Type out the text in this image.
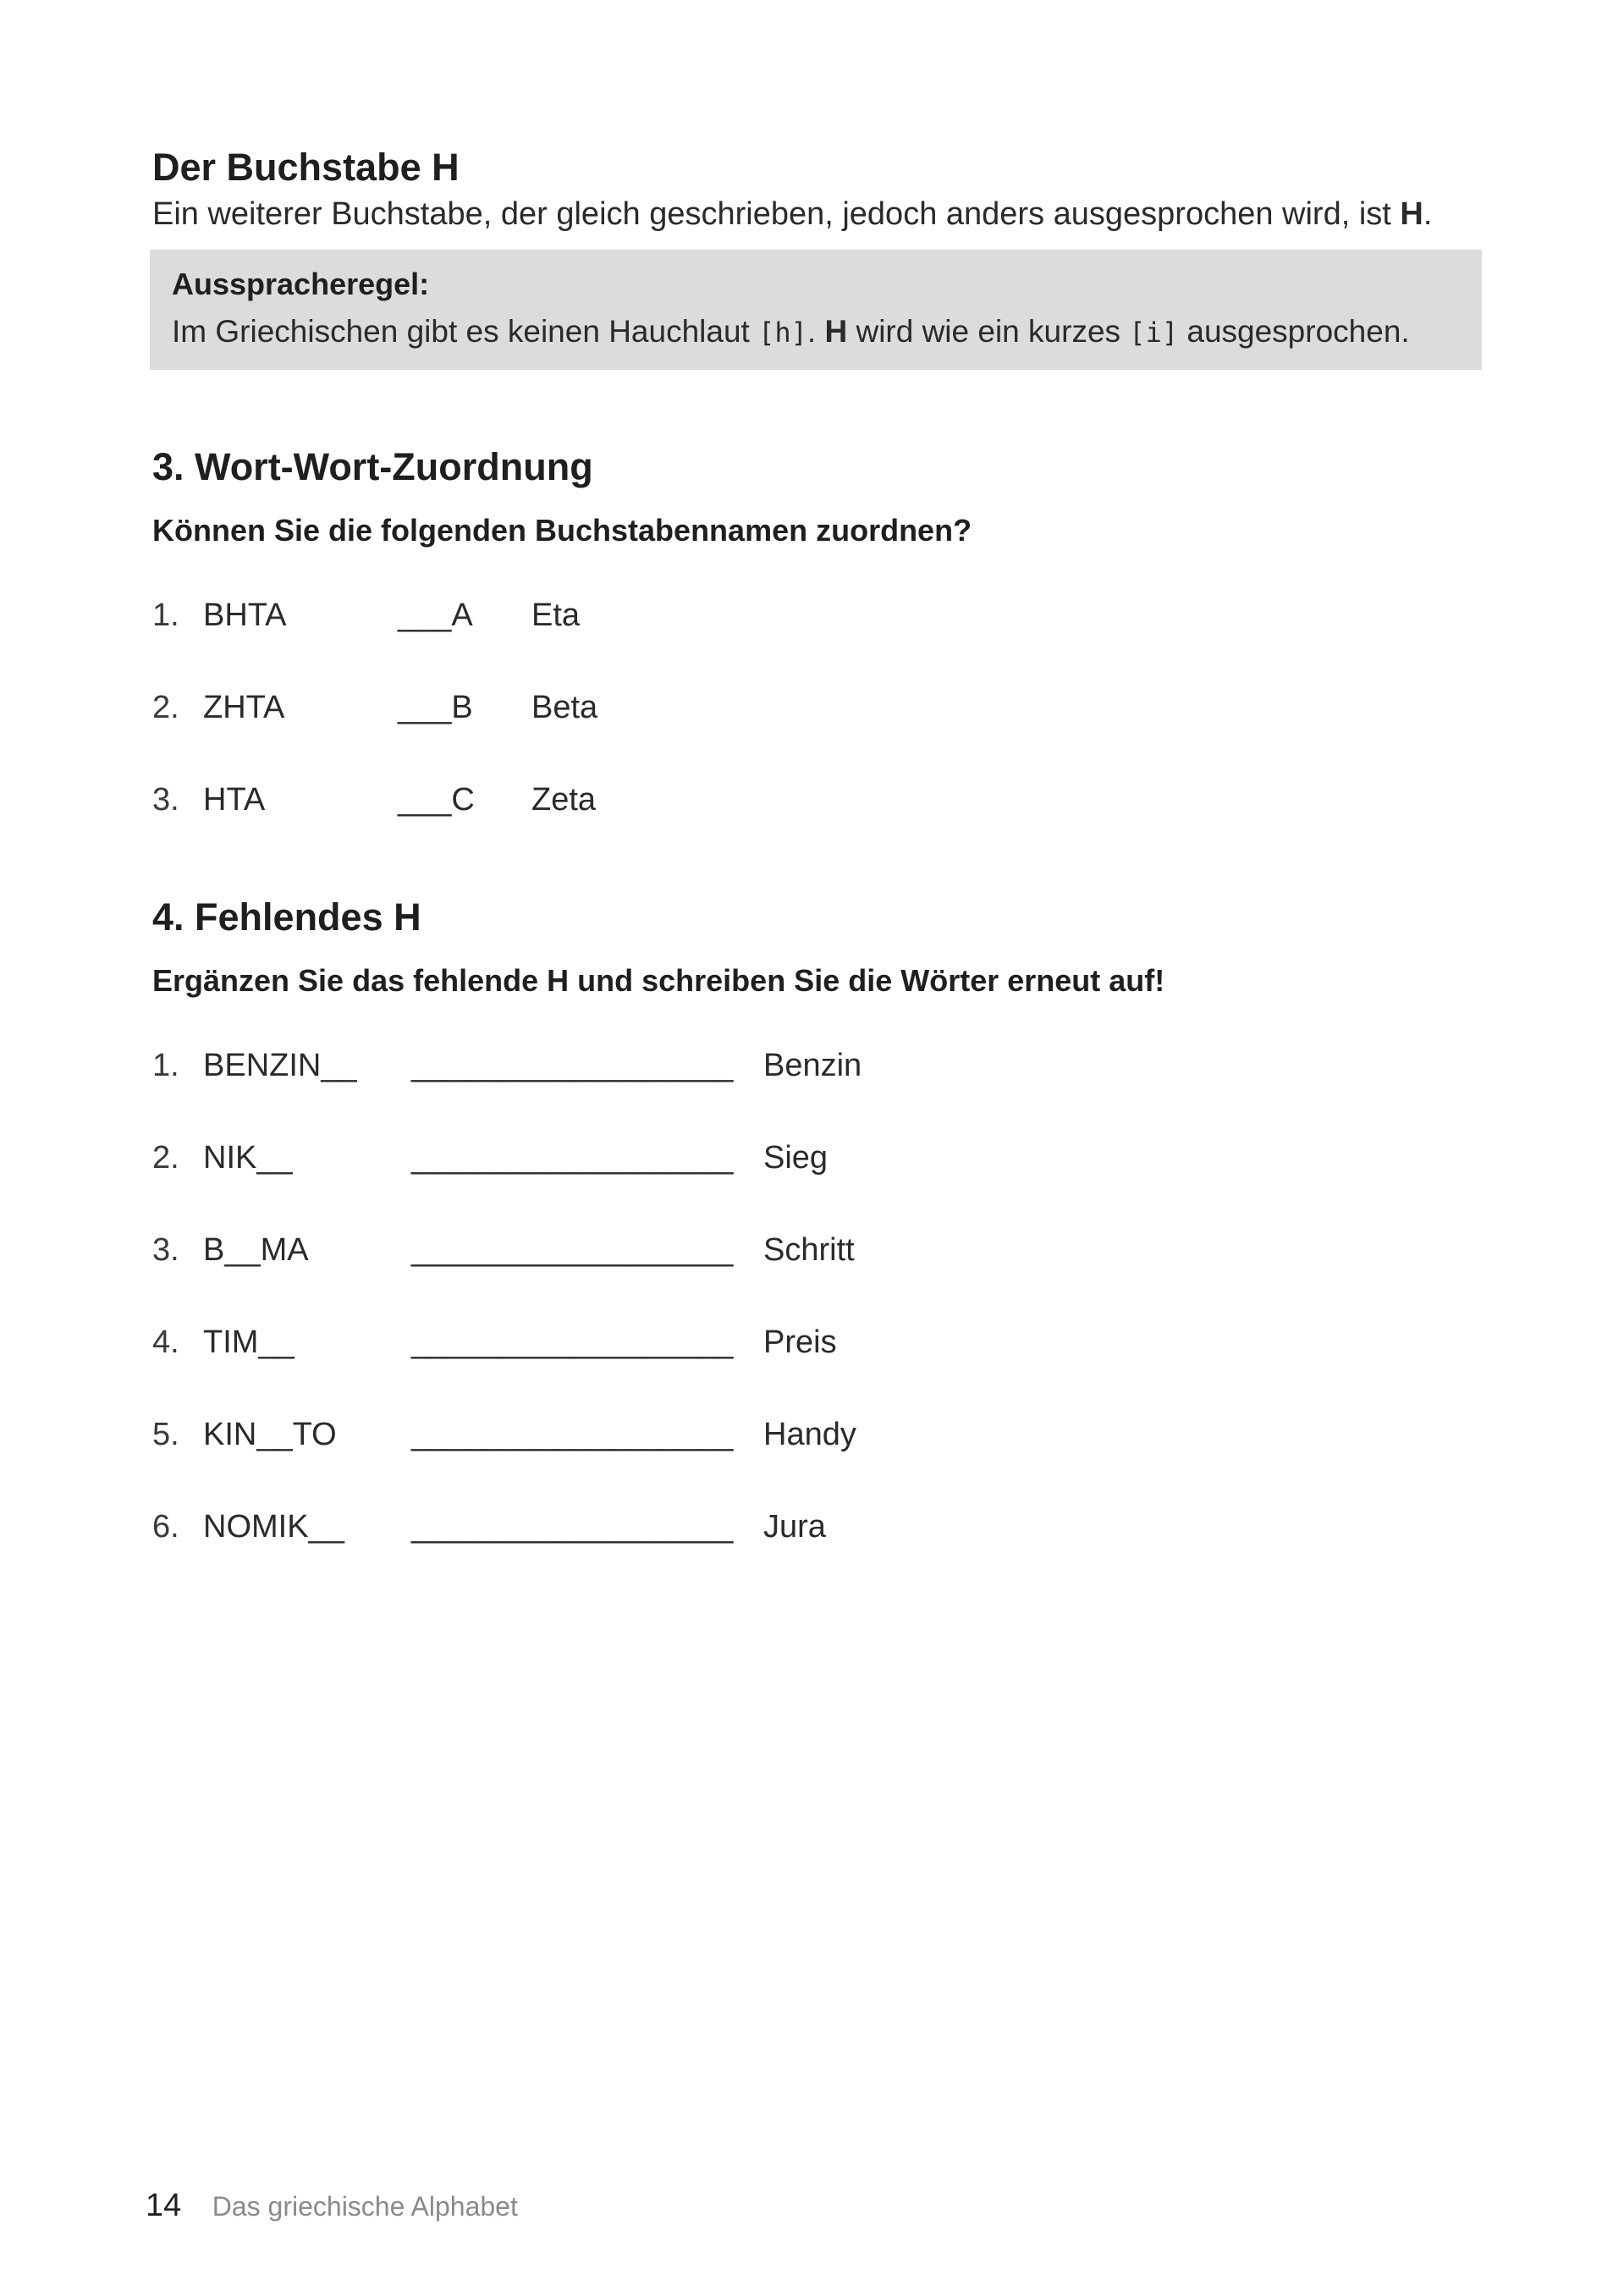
Der Buchstabe H

Ein weiterer Buchstabe, der gleich geschrieben, jedoch anders ausgesprochen wird, ist H.

Ausspracheregel:

Im Griechischen gibt es keinen Hauchlaut [h]. H wird wie ein kurzes [i] ausgesprochen.

3. Wort-Wort-Zuordnung

Können Sie die folgenden Buchstabennamen zuordnen?

1. BHTA	___A Eta
2. ZHTA	___B Beta
3. HTA	___C Zeta
4. Fehlendes H

Ergänzen Sie das fehlende H und schreiben Sie die Wörter erneut auf!

1. BENZIN__ __________________ Benzin
2. NIK__	__________________ Sieg
3. B__MA	__________________ Schritt
4. TIM__	__________________ Preis
5. KIN__TO __________________ Handy
6. NOMIK__ __________________ Jura
14 Das griechische Alphabet
